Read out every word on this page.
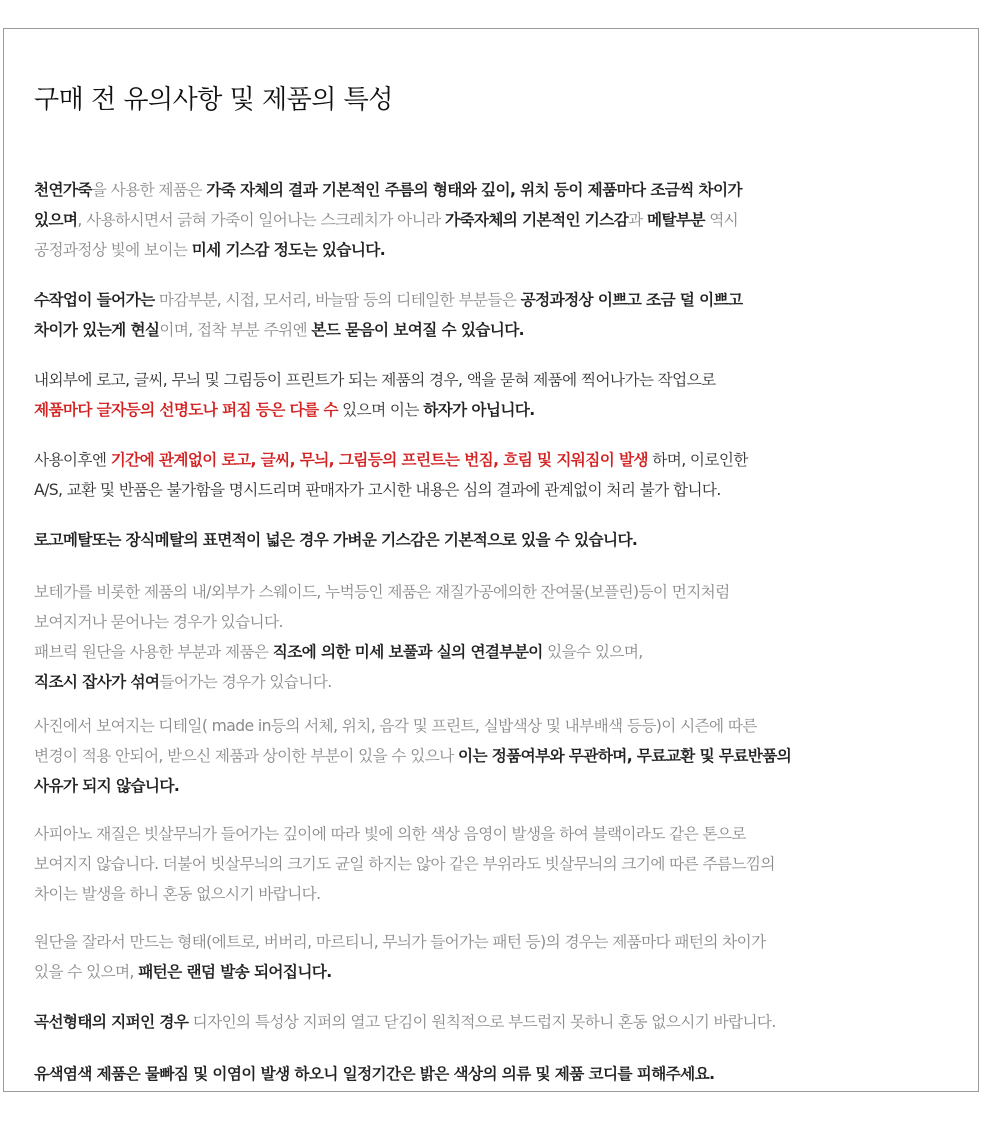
구매 전 유의사항 및 제품의 특성

천연가죽을 사용한 제품은 가죽 자체의 결과 기본적인 주름의 형태와 깊이, 위치 등이 제품마다 조금씩 차이가
있으며, 사용하시면서 긁혀 가죽이 일어나는 스크레치가 아니라 가죽자체의 기본적인 기스감과 메탈부분 역시
공정과정상 빛에 보이는 미세 기스감 정도는 있습니다.

수작업이 들어가는 마감부분, 시접, 모서리, 바늘땀 등의 디테일한 부분들은 공정과정상 이쁘고 조금 덜 이쁘고
차이가 있는게 현실이며, 접착 부분 주위엔 본드 묻음이 보여질 수 있습니다.

내외부에 로고, 글씨, 무늬 및 그림등이 프린트가 되는 제품의 경우, 액을 묻혀 제품에 찍어나가는 작업으로
제품마다 글자등의 선명도나 퍼짐 등은 다를 수 있으며 이는 하자가 아닙니다.

사용이후엔 기간에 관계없이 로고, 글씨, 무늬, 그림등의 프린트는 번짐, 흐림 및 지워짐이 발생 하며, 이로인한
A/S, 교환 및 반품은 불가함을 명시드리며 판매자가 고시한 내용은 심의 결과에 관계없이 처리 불가 합니다.

로고메탈또는 장식메탈의 표면적이 넓은 경우 가벼운 기스감은 기본적으로 있을 수 있습니다.

보테가를 비롯한 제품의 내/외부가 스웨이드, 누벅등인 제품은 재질가공에의한 잔여물(보플린)등이 먼지처럼
보여지거나 묻어나는 경우가 있습니다.
패브릭 원단을 사용한 부분과 제품은 직조에 의한 미세 보풀과 실의 연결부분이 있을수 있으며,
직조시 잡사가 섞여들어가는 경우가 있습니다.

사진에서 보여지는 디테일( made in등의 서체, 위치, 음각 및 프린트, 실밥색상 및 내부배색 등등)이 시즌에 따른
변경이 적용 안되어, 받으신 제품과 상이한 부분이 있을 수 있으나 이는 정품여부와 무관하며, 무료교환 및 무료반품의
사유가 되지 않습니다.

사피아노 재질은 빗살무늬가 들어가는 깊이에 따라 빛에 의한 색상 음영이 발생을 하여 블랙이라도 같은 톤으로
보여지지 않습니다. 더불어 빗살무늬의 크기도 균일 하지는 않아 같은 부위라도 빗살무늬의 크기에 따른 주름느낌의
차이는 발생을 하니 혼동 없으시기 바랍니다.

원단을 잘라서 만드는 형태(에트로, 버버리, 마르티니, 무늬가 들어가는 패턴 등)의 경우는 제품마다 패턴의 차이가
있을 수 있으며, 패턴은 랜덤 발송 되어집니다.

곡선형태의 지퍼인 경우 디자인의 특성상 지퍼의 열고 닫김이 원칙적으로 부드럽지 못하니 혼동 없으시기 바랍니다.

유색염색 제품은 물빠짐 및 이염이 발생 하오니 일정기간은 밝은 색상의 의류 및 제품 코디를 피해주세요.
